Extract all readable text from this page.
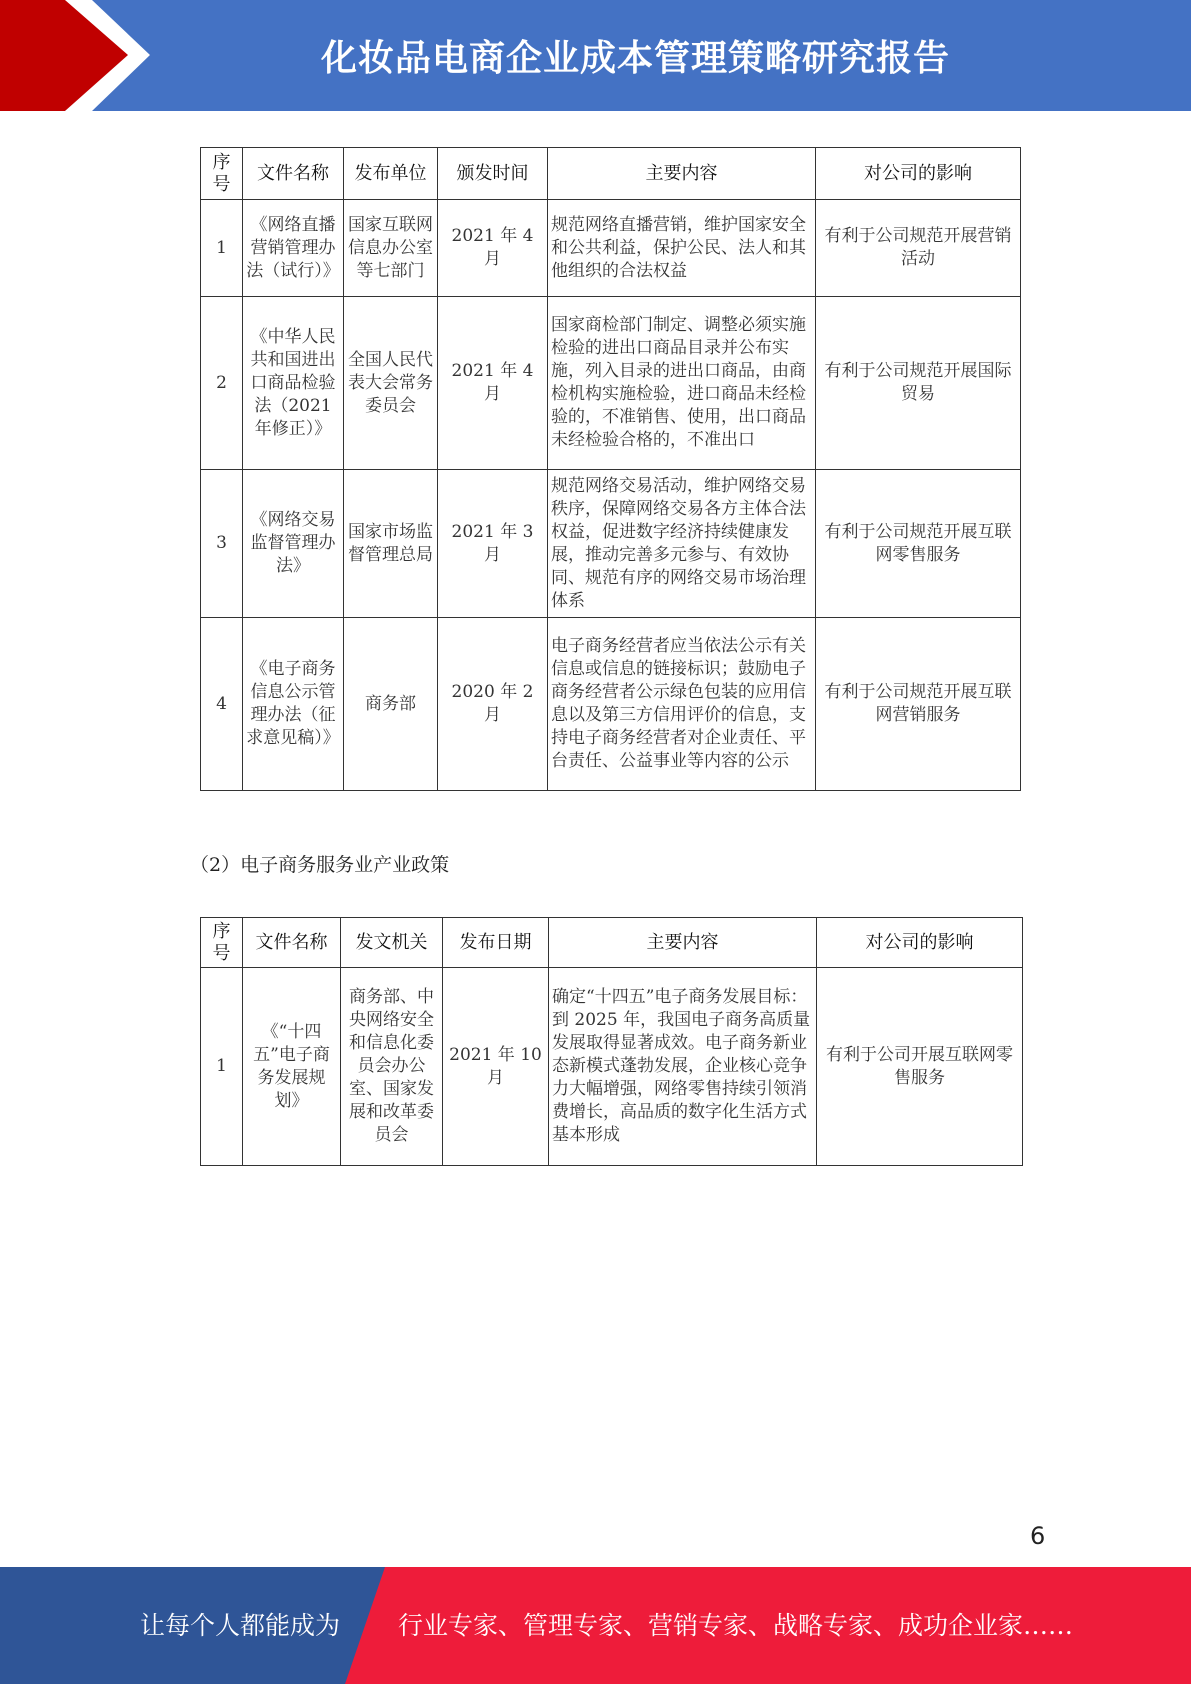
化妆品电商企业成本管理策略研究报告
序号	文件名称	发布单位	颁发时间	主要内容	对公司的影响
1	《网络直播营销管理办法（试行）》	国家互联网信息办公室等七部门	2021 年 4 月	规范网络直播营销，维护国家安全和公共利益，保护公民、法人和其他组织的合法权益	有利于公司规范开展营销活动
2	《中华人民共和国进出口商品检验法（2021 年修正）》	全国人民代表大会常务委员会	2021 年 4 月	国家商检部门制定、调整必须实施检验的进出口商品目录并公布实施，列入目录的进出口商品，由商检机构实施检验，进口商品未经检验的，不准销售、使用，出口商品未经检验合格的，不准出口	有利于公司规范开展国际贸易
3	《网络交易监督管理办法》	国家市场监督管理总局	2021 年 3 月	规范网络交易活动，维护网络交易秩序，保障网络交易各方主体合法权益，促进数字经济持续健康发展，推动完善多元参与、有效协同、规范有序的网络交易市场治理体系	有利于公司规范开展互联网零售服务
4	《电子商务信息公示管理办法（征求意见稿）》	商务部	2020 年 2 月	电子商务经营者应当依法公示有关信息或信息的链接标识；鼓励电子商务经营者公示绿色包装的应用信息以及第三方信用评价的信息，支持电子商务经营者对企业责任、平台责任、公益事业等内容的公示	有利于公司规范开展互联网营销服务
（2）电子商务服务业产业政策
序号	文件名称	发文机关	发布日期	主要内容	对公司的影响
1	《“十四五”电子商务发展规划》	商务部、中央网络安全和信息化委员会办公室、国家发展和改革委员会	2021 年 10 月	确定“十四五”电子商务发展目标：到 2025 年，我国电子商务高质量发展取得显著成效。电子商务新业态新模式蓬勃发展，企业核心竞争力大幅增强，网络零售持续引领消费增长，高品质的数字化生活方式基本形成	有利于公司开展互联网零售服务
6
让每个人都能成为 行业专家、管理专家、营销专家、战略专家、成功企业家……
